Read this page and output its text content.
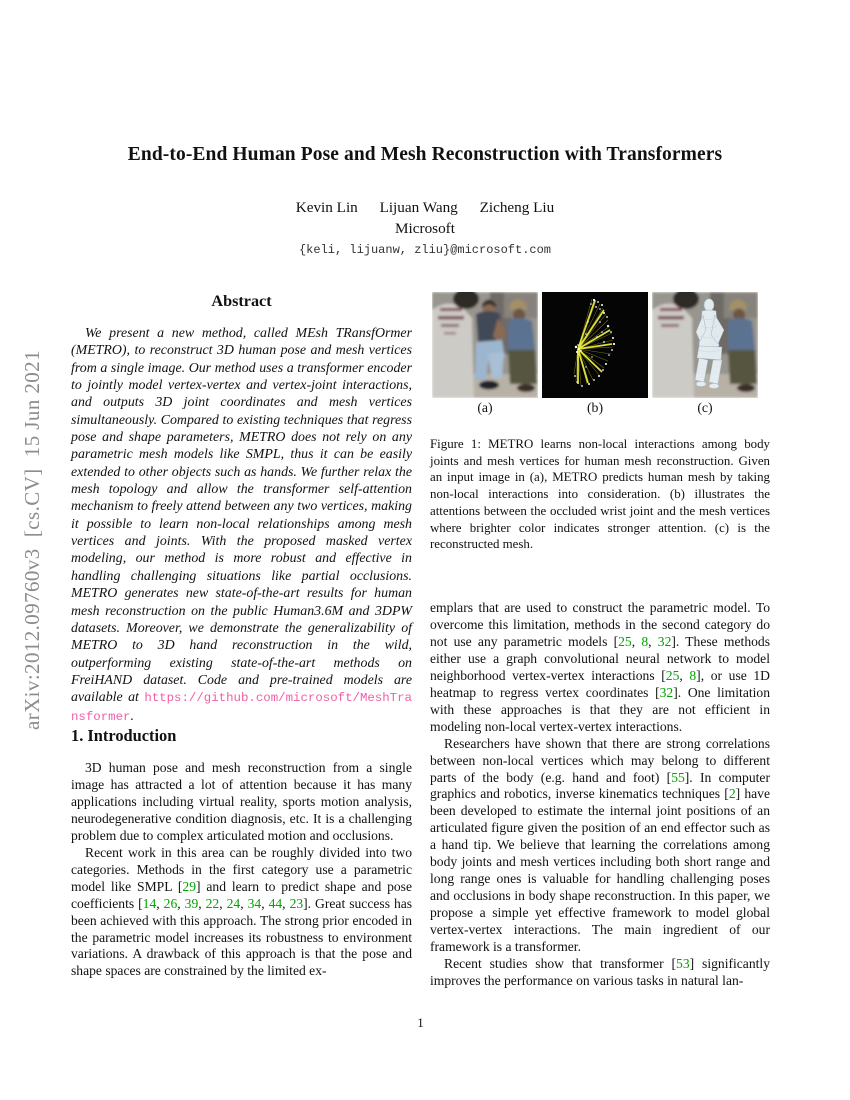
arXiv:2012.09760v3  [cs.CV]  15 Jun 2021
End-to-End Human Pose and Mesh Reconstruction with Transformers
Kevin Lin Lijuan Wang Zicheng Liu
Microsoft
{keli, lijuanw, zliu}@microsoft.com
Abstract

We present a new method, called MEsh TRansfOrmer (METRO), to reconstruct 3D human pose and mesh vertices from a single image. Our method uses a transformer encoder to jointly model vertex-vertex and vertex-joint interactions, and outputs 3D joint coordinates and mesh vertices simultaneously. Compared to existing techniques that regress pose and shape parameters, METRO does not rely on any parametric mesh models like SMPL, thus it can be easily extended to other objects such as hands. We further relax the mesh topology and allow the transformer self-attention mechanism to freely attend between any two vertices, making it possible to learn non-local relationships among mesh vertices and joints. With the proposed masked vertex modeling, our method is more robust and effective in handling challenging situations like partial occlusions. METRO generates new state-of-the-art results for human mesh reconstruction on the public Human3.6M and 3DPW datasets. Moreover, we demonstrate the generalizability of METRO to 3D hand reconstruction in the wild, outperforming existing state-of-the-art methods on FreiHAND dataset. Code and pre-trained models are available at https://github.com/microsoft/MeshTransformer.

1. Introduction

3D human pose and mesh reconstruction from a single image has attracted a lot of attention because it has many applications including virtual reality, sports motion analysis, neurodegenerative condition diagnosis, etc. It is a challenging problem due to complex articulated motion and occlusions.

Recent work in this area can be roughly divided into two categories. Methods in the first category use a parametric model like SMPL [29] and learn to predict shape and pose coefficients [14, 26, 39, 22, 24, 34, 44, 23]. Great success has been achieved with this approach. The strong prior encoded in the parametric model increases its robustness to environment variations. A drawback of this approach is that the pose and shape spaces are constrained by the limited ex-

(a)	(b)	(c)
Figure 1: METRO learns non-local interactions among body joints and mesh vertices for human mesh reconstruction. Given an input image in (a), METRO predicts human mesh by taking non-local interactions into consideration. (b) illustrates the attentions between the occluded wrist joint and the mesh vertices where brighter color indicates stronger attention. (c) is the reconstructed mesh.

emplars that are used to construct the parametric model. To overcome this limitation, methods in the second category do not use any parametric models [25, 8, 32]. These methods either use a graph convolutional neural network to model neighborhood vertex-vertex interactions [25, 8], or use 1D heatmap to regress vertex coordinates [32]. One limitation with these approaches is that they are not efficient in modeling non-local vertex-vertex interactions.

Researchers have shown that there are strong correlations between non-local vertices which may belong to different parts of the body (e.g. hand and foot) [55]. In computer graphics and robotics, inverse kinematics techniques [2] have been developed to estimate the internal joint positions of an articulated figure given the position of an end effector such as a hand tip. We believe that learning the correlations among body joints and mesh vertices including both short range and long range ones is valuable for handling challenging poses and occlusions in body shape reconstruction. In this paper, we propose a simple yet effective framework to model global vertex-vertex interactions. The main ingredient of our framework is a transformer.

Recent studies show that transformer [53] significantly improves the performance on various tasks in natural lan-

1
